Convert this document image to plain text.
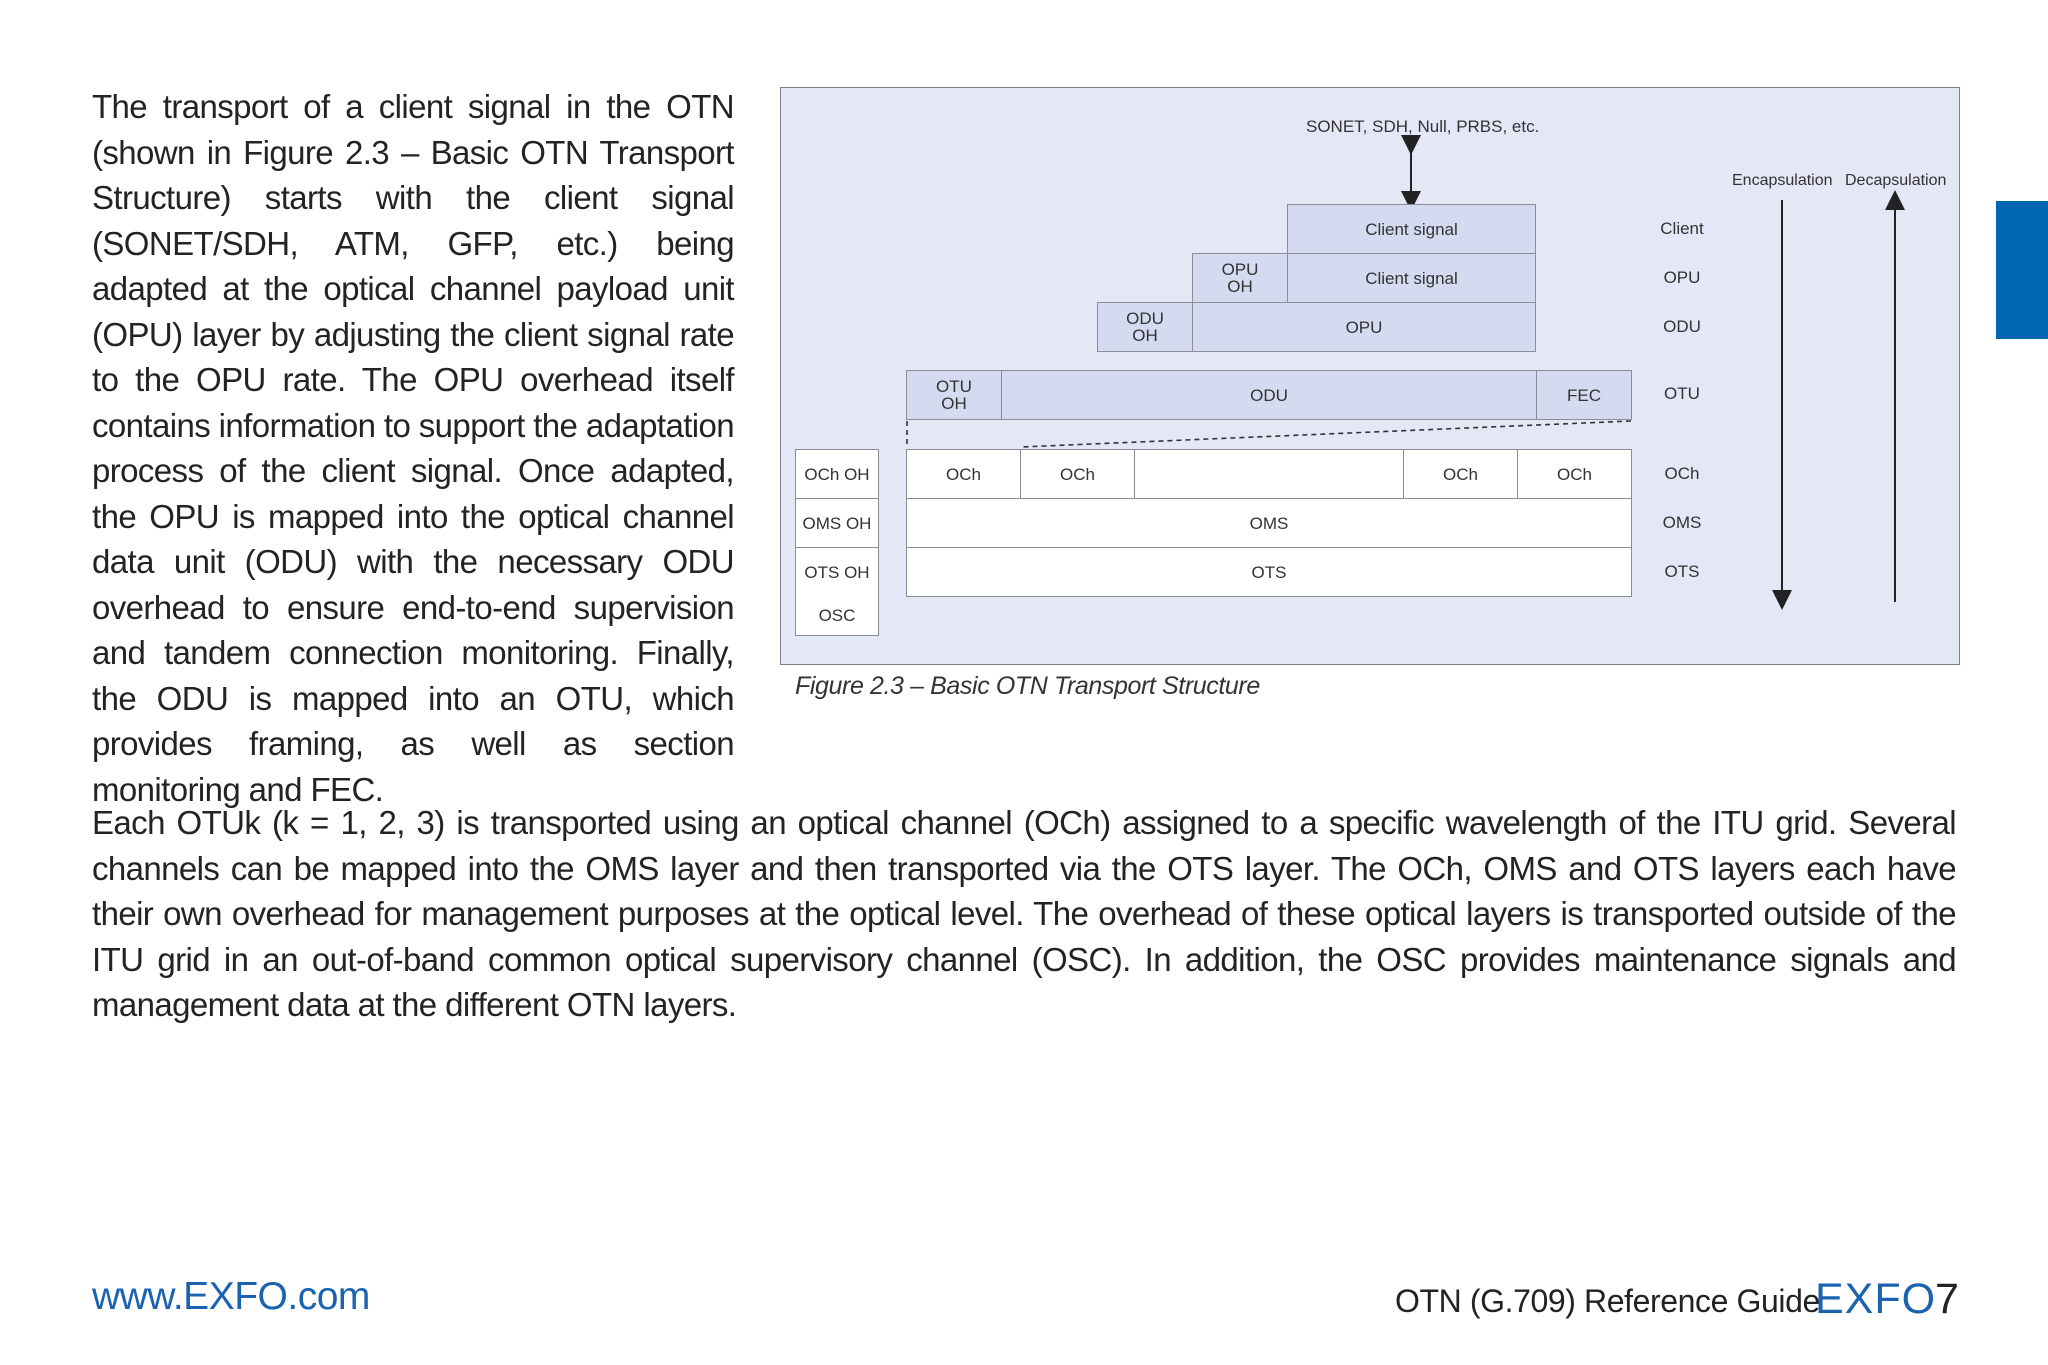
The transport of a client signal in the OTN (shown in Figure 2.3 – Basic OTN Transport Structure) starts with the client signal (SONET/SDH, ATM, GFP, etc.) being adapted at the optical channel payload unit (OPU) layer by adjusting the client signal rate to the OPU rate. The OPU overhead itself contains information to support the adaptation process of the client signal. Once adapted, the OPU is mapped into the optical channel data unit (ODU) with the necessary ODU overhead to ensure end-to-end supervision and tandem connection monitoring. Finally, the ODU is mapped into an OTU, which provides framing, as well as section monitoring and FEC.

SONET, SDH, Null, PRBS, etc.
Encapsulation Decapsulation
Client signal
OPU
OH	Client signal
ODU
OH	OPU
OTU
OH	ODU	FEC
OCh OH	OCh	OCh	OCh	OCh
OMS OH	OMS
OTS OH	OTS
OSC
Client
OPU
ODU
OTU
OCh
OMS
OTS
Figure 2.3 – Basic OTN Transport Structure

Each OTUk (k = 1, 2, 3) is transported using an optical channel (OCh) assigned to a specific wavelength of the ITU grid. Several channels can be mapped into the OMS layer and then transported via the OTS layer. The OCh, OMS and OTS layers each have their own overhead for management purposes at the optical level. The overhead of these optical layers is transported outside of the ITU grid in an out-of-band common optical supervisory channel (OSC). In addition, the OSC provides maintenance signals and management data at the different OTN layers.

www.EXFO.com	OTN (G.709) Reference Guide
EXFO
7
